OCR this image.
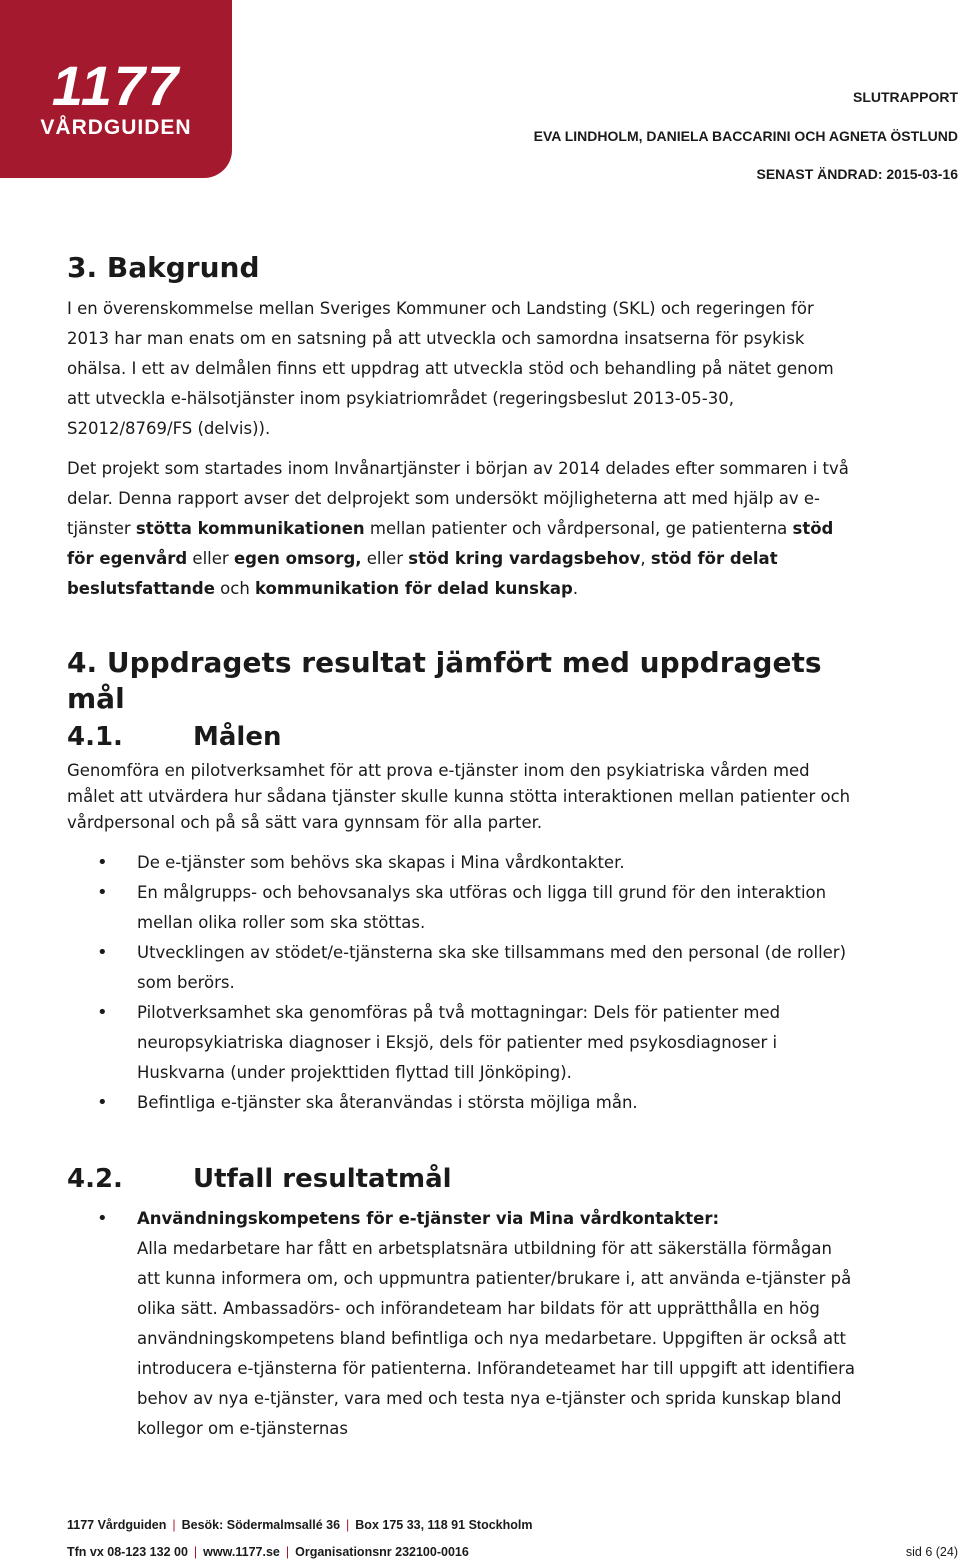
1177
VÅRDGUIDEN
SLUTRAPPORT
EVA LINDHOLM, DANIELA BACCARINI OCH AGNETA ÖSTLUND
SENAST ÄNDRAD: 2015-03-16
3. Bakgrund

I en överenskommelse mellan Sveriges Kommuner och Landsting (SKL) och regeringen för 2013 har man enats om en satsning på att utveckla och samordna insatserna för psykisk ohälsa. I ett av delmålen finns ett uppdrag att utveckla stöd och behandling på nätet genom att utveckla e-hälsotjänster inom psykiatriområdet (regeringsbeslut 2013-05-30, S2012/8769/FS (delvis)).

Det projekt som startades inom Invånartjänster i början av 2014 delades efter sommaren i två delar. Denna rapport avser det delprojekt som undersökt möjligheterna att med hjälp av e-tjänster stötta kommunikationen mellan patienter och vårdpersonal, ge patienterna stöd för egenvård eller egen omsorg, eller stöd kring vardagsbehov, stöd för delat beslutsfattande och kommunikation för delad kunskap.

4. Uppdragets resultat jämfört med uppdragets mål
4.1.	Målen

Genomföra en pilotverksamhet för att prova e-tjänster inom den psykiatriska vården med målet att utvärdera hur sådana tjänster skulle kunna stötta interaktionen mellan patienter och vårdpersonal och på så sätt vara gynnsam för alla parter.

• De e-tjänster som behövs ska skapas i Mina vårdkontakter.
• En målgrupps- och behovsanalys ska utföras och ligga till grund för den interaktion mellan olika roller som ska stöttas.
• Utvecklingen av stödet/e-tjänsterna ska ske tillsammans med den personal (de roller) som berörs.
• Pilotverksamhet ska genomföras på två mottagningar: Dels för patienter med neuropsykiatriska diagnoser i Eksjö, dels för patienter med psykosdiagnoser i Huskvarna (under projekttiden flyttad till Jönköping).
• Befintliga e-tjänster ska återanvändas i största möjliga mån.
4.2.	Utfall resultatmål
• Användningskompetens för e-tjänster via Mina vårdkontakter:
Alla medarbetare har fått en arbetsplatsnära utbildning för att säkerställa förmågan att kunna informera om, och uppmuntra patienter/brukare i, att använda e-tjänster på olika sätt. Ambassadörs- och införandeteam har bildats för att upprätthålla en hög användningskompetens bland befintliga och nya medarbetare. Uppgiften är också att introducera e-tjänsterna för patienterna. Införandeteamet har till uppgift att identifiera behov av nya e-tjänster, vara med och testa nya e-tjänster och sprida kunskap bland kollegor om e-tjänsternas
1177 Vårdguiden | Besök: Södermalmsallé 36 | Box 175 33, 118 91 Stockholm
Tfn vx 08-123 132 00 | www.1177.se | Organisationsnr 232100-0016	sid 6 (24)
